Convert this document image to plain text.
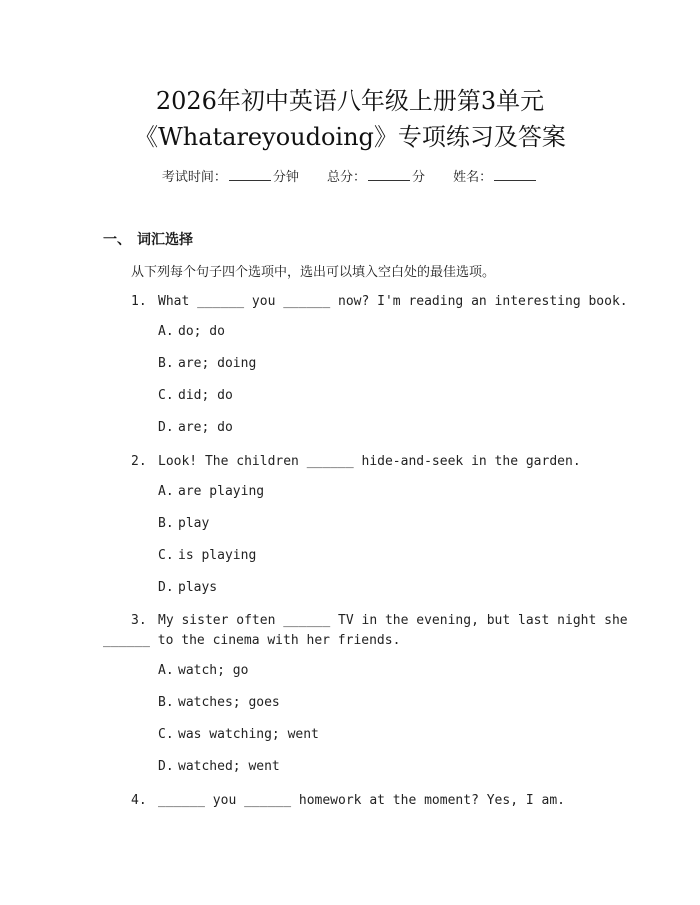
2026年初中英语八年级上册第3单元
《Whatareyoudoing》专项练习及答案
考试时间：	分钟 总分：	分 姓名：
一、 词汇选择
从下列每个句子四个选项中，选出可以填入空白处的最佳选项。
1. What ______ you ______ now? I'm reading an interesting book.
A. do; do
B. are; doing
C. did; do
D. are; do
2. Look! The children ______ hide-and-seek in the garden.
A. are playing
B. play
C. is playing
D. plays
3. My sister often ______ TV in the evening, but last night she
______ to the cinema with her friends.
A. watch; go
B. watches; goes
C. was watching; went
D. watched; went
4. ______ you ______ homework at the moment? Yes, I am.
